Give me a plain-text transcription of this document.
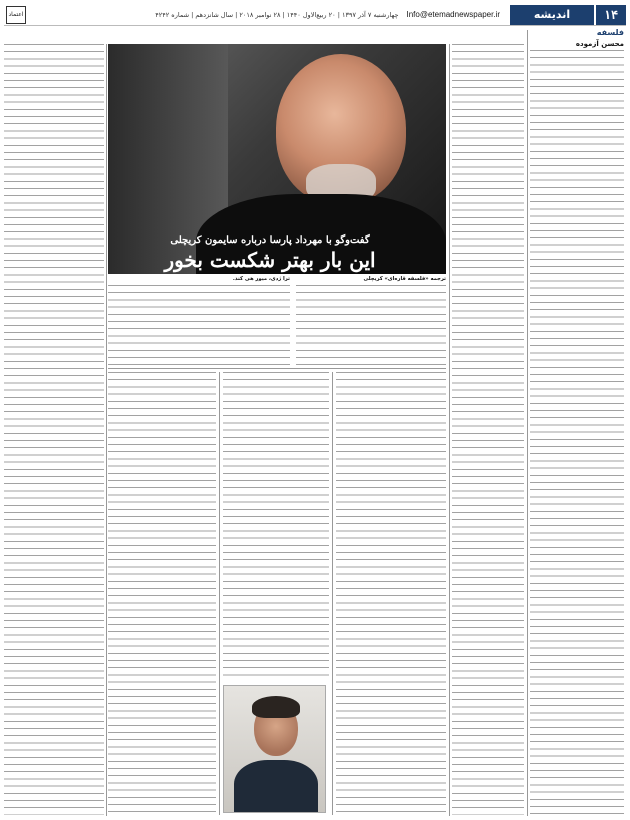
۱۴
اندیشه
Info@etemadnewspaper.ir
چهارشنبه ۷ آذر ۱۳۹۷ | ۲۰ ربیع‌الاول ۱۴۴۰ | ۲۸ نوامبر ۲۰۱۸ | سال شانزدهم | شماره ۴۲۴۲
اعتماد
فلسفه
محسن آزموده
گفت‌وگو با مهرداد پارسا درباره سایمون کریچلی
این بار بهتر شکست بخور
ترجمه «فلسفه قاره‌ای» کریچلی
ترا ژدی، میور هی کند.
